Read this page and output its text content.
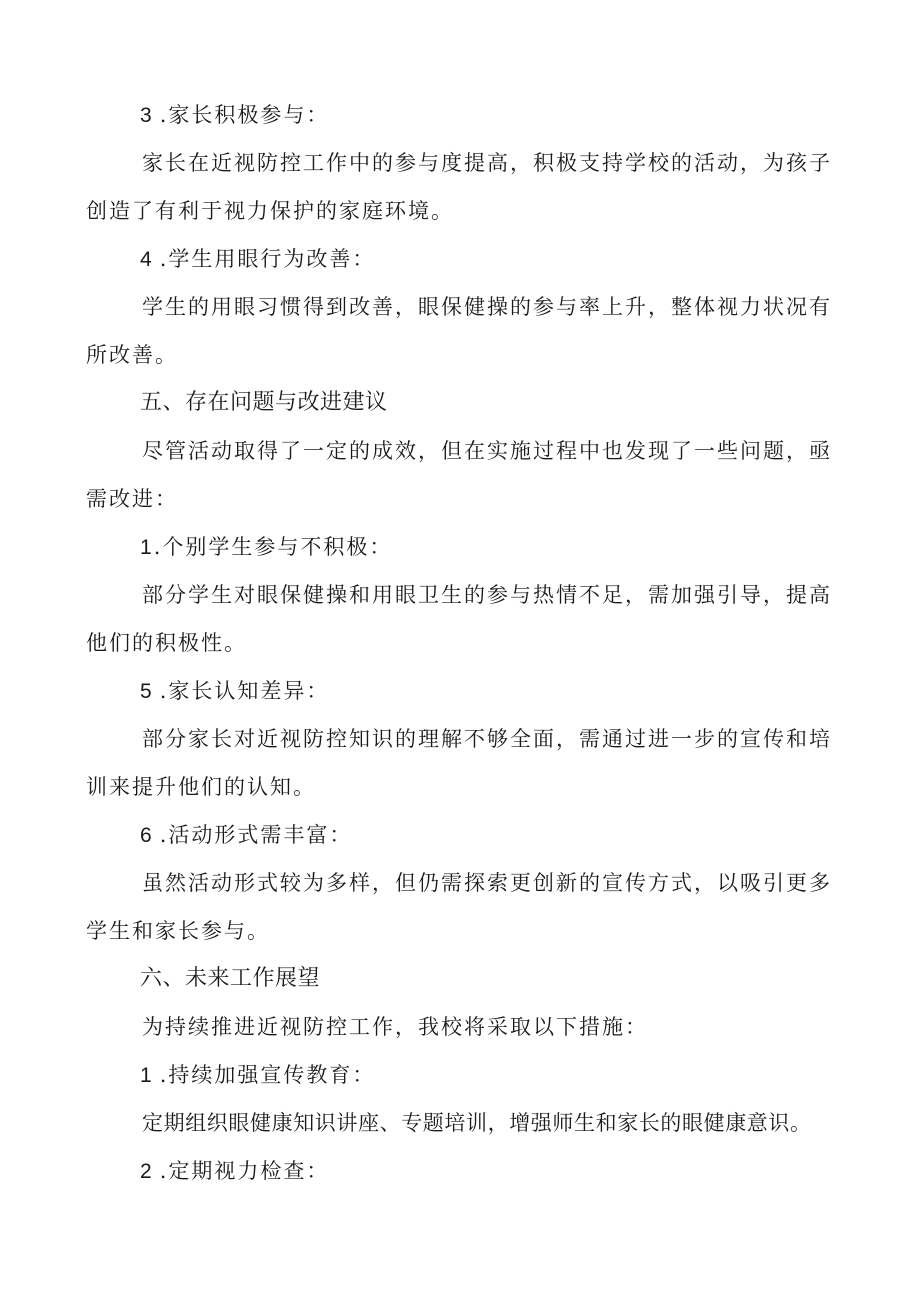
3 .家长积极参与：
家长在近视防控工作中的参与度提高，积极支持学校的活动，为孩子
创造了有利于视力保护的家庭环境。
4 .学生用眼行为改善：
学生的用眼习惯得到改善，眼保健操的参与率上升，整体视力状况有
所改善。
五、存在问题与改进建议
尽管活动取得了一定的成效，但在实施过程中也发现了一些问题，亟
需改进：
1.个别学生参与不积极：
部分学生对眼保健操和用眼卫生的参与热情不足，需加强引导，提高
他们的积极性。
5 .家长认知差异：
部分家长对近视防控知识的理解不够全面，需通过进一步的宣传和培
训来提升他们的认知。
6 .活动形式需丰富：
虽然活动形式较为多样，但仍需探索更创新的宣传方式，以吸引更多
学生和家长参与。
六、未来工作展望
为持续推进近视防控工作，我校将采取以下措施：
1 .持续加强宣传教育：
定期组织眼健康知识讲座、专题培训，增强师生和家长的眼健康意识。
2 .定期视力检查：
